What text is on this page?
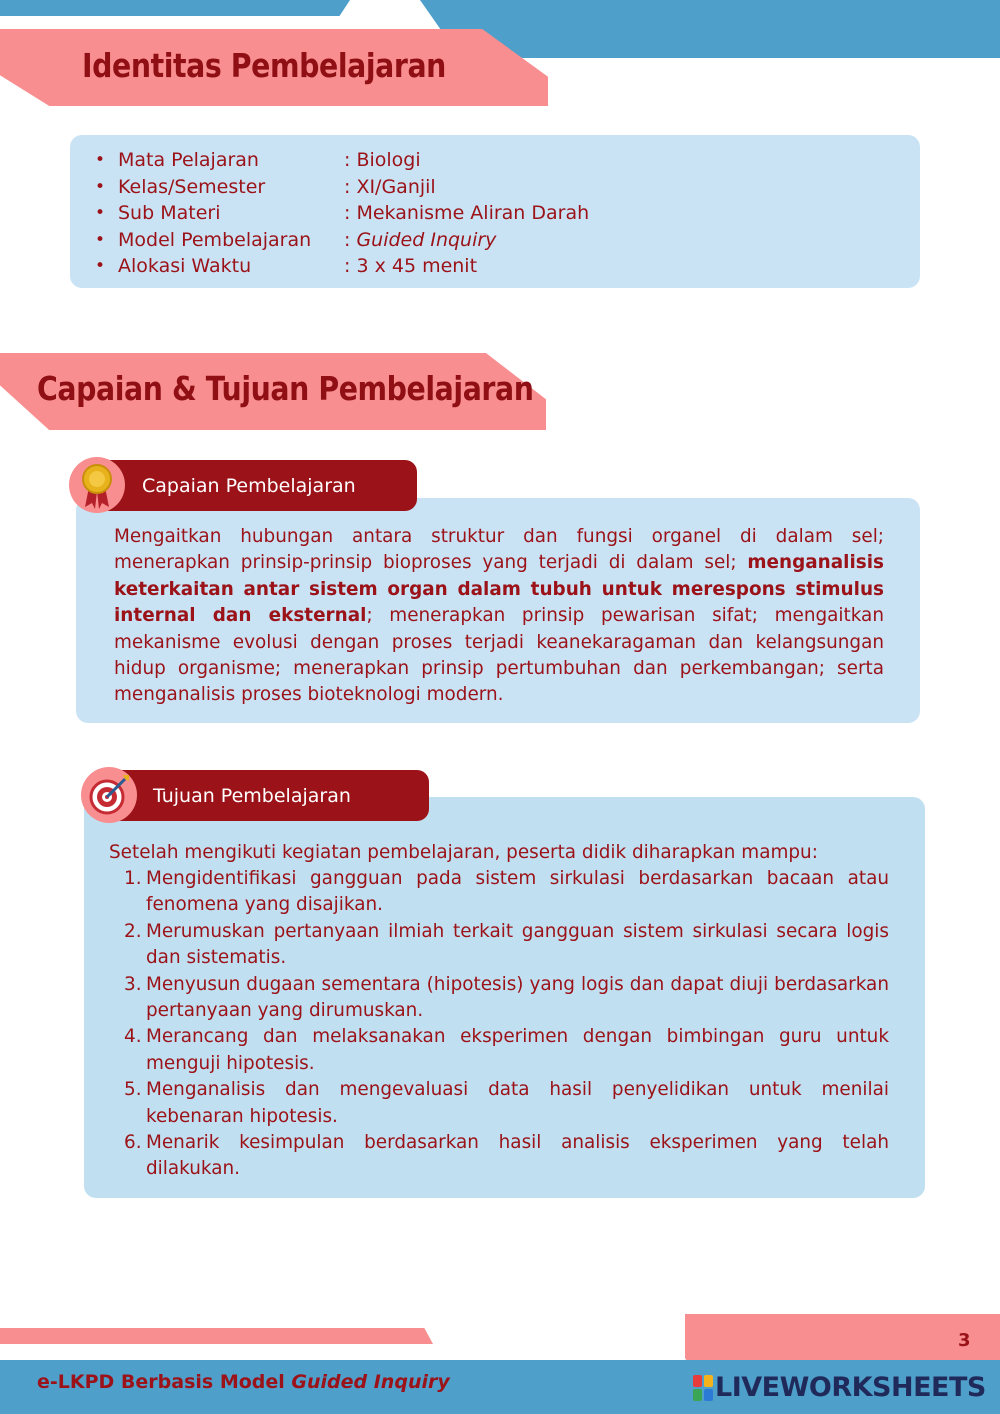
Identitas Pembelajaran
• Mata Pelajaran	: Biologi
• Kelas/Semester	: XI/Ganjil
• Sub Materi	: Mekanisme Aliran Darah
• Model Pembelajaran	: Guided Inquiry
• Alokasi Waktu	: 3 x 45 menit
Capaian & Tujuan Pembelajaran
Capaian Pembelajaran
Mengaitkan hubungan antara struktur dan fungsi organel di dalam sel; menerapkan prinsip-prinsip bioproses yang terjadi di dalam sel; menganalisis keterkaitan antar sistem organ dalam tubuh untuk merespons stimulus internal dan eksternal; menerapkan prinsip pewarisan sifat; mengaitkan mekanisme evolusi dengan proses terjadi keanekaragaman dan kelangsungan hidup organisme; menerapkan prinsip pertumbuhan dan perkembangan; serta menganalisis proses bioteknologi modern.
Tujuan Pembelajaran
Setelah mengikuti kegiatan pembelajaran, peserta didik diharapkan mampu:
1. Mengidentifikasi gangguan pada sistem sirkulasi berdasarkan bacaan atau fenomena yang disajikan.
2. Merumuskan pertanyaan ilmiah terkait gangguan sistem sirkulasi secara logis dan sistematis.
3. Menyusun dugaan sementara (hipotesis) yang logis dan dapat diuji berdasarkan pertanyaan yang dirumuskan.
4. Merancang dan melaksanakan eksperimen dengan bimbingan guru untuk menguji hipotesis.
5. Menganalisis dan mengevaluasi data hasil penyelidikan untuk menilai kebenaran hipotesis.
6. Menarik kesimpulan berdasarkan hasil analisis eksperimen yang telah dilakukan.
3
e-LKPD Berbasis Model Guided Inquiry	LIVEWORKSHEETS
